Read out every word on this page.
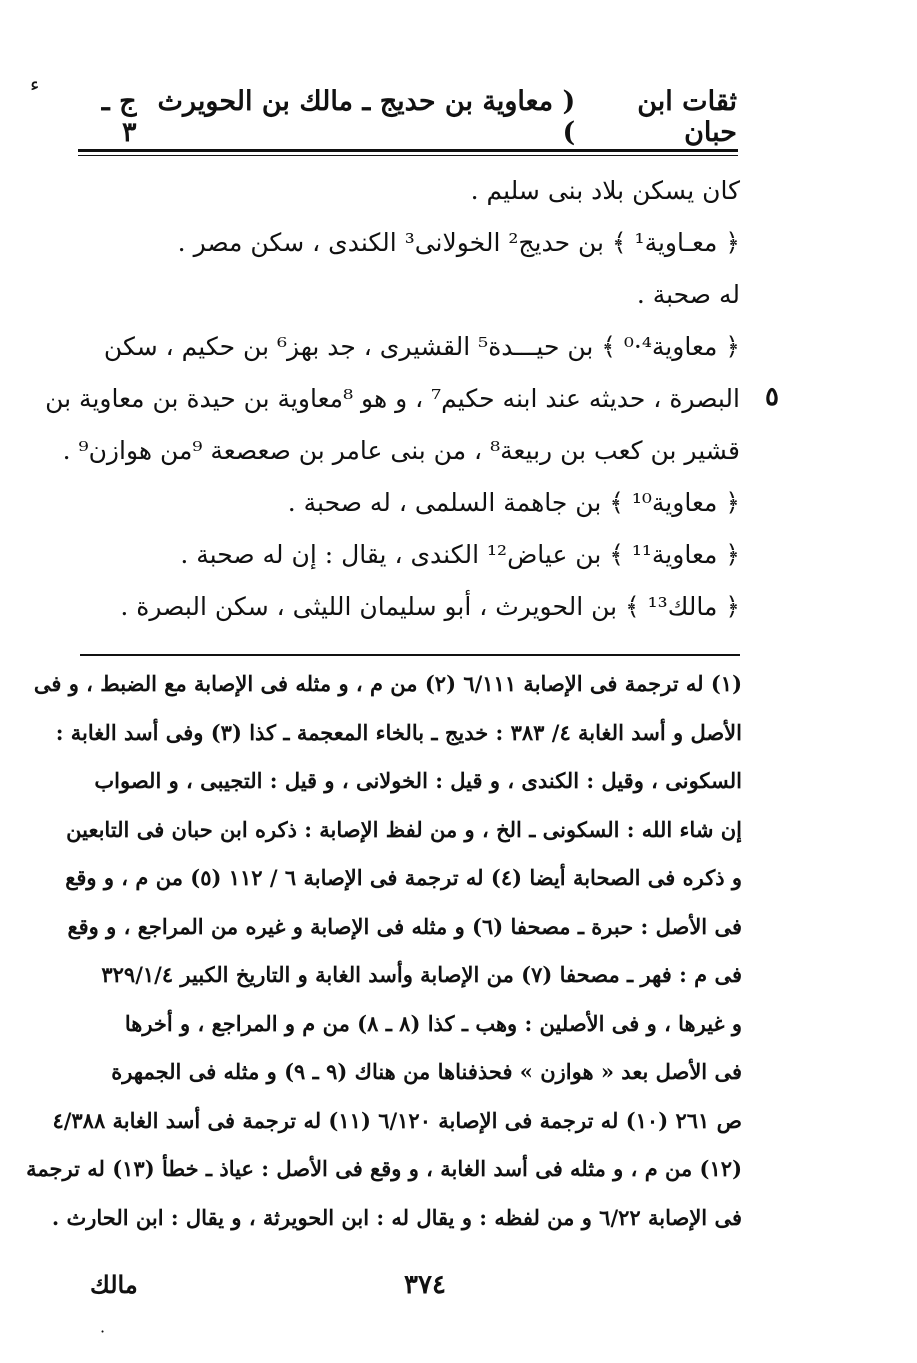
ء
ثقات ابن حبان
( معاوية بن حديج ـ مالك بن الحويرث )
ج ـ ٣
كان يسكن بلاد بنى سليم .
﴿ معـاوية¹ ﴾ بن حديج² الخولانى³ الكندى ، سكن مصر .
له صحبة .
﴿ معاوية⁴·⁰ ﴾ بن حيـــدة⁵ القشيرى ، جد بهز⁶ بن حكيم ، سكن
البصرة ، حديثه عند ابنه حكيم⁷ ، و هو ⁸معاوية بن حيدة بن معاوية بن
قشير بن كعب بن ربيعة⁸ ، من بنى عامر بن صعصعة ⁹من هوازن⁹ .
﴿ معاوية¹⁰ ﴾ بن جاهمة السلمى ، له صحبة .
﴿ معاوية¹¹ ﴾ بن عياض¹² الكندى ، يقال : إن له صحبة .
﴿ مالك¹³ ﴾ بن الحويرث ، أبو سليمان الليثى ، سكن البصرة .
٥
(١) له ترجمة فى الإصابة ٦/١١١ (٢) من م ، و مثله فى الإصابة مع الضبط ، و فى
الأصل و أسد الغابة ٤/ ٣٨٣ : خديج ـ بالخاء المعجمة ـ كذا (٣) وفى أسد الغابة :
السكونى ، وقيل : الكندى ، و قيل : الخولانى ، و قيل : التجيبى ، و الصواب
إن شاء الله : السكونى ـ الخ ، و من لفظ الإصابة : ذكره ابن حبان فى التابعين
و ذكره فى الصحابة أيضا (٤) له ترجمة فى الإصابة ٦ / ١١٢ (٥) من م ، و وقع
فى الأصل : حبرة ـ مصحفا (٦) و مثله فى الإصابة و غيره من المراجع ، و وقع
فى م : فهر ـ مصحفا (٧) من الإصابة وأسد الغابة و التاريخ الكبير ٣٢٩/١/٤
و غيرها ، و فى الأصلين : وهب ـ كذا (٨ ـ ٨) من م و المراجع ، و أخرها
فى الأصل بعد « هوازن » فحذفناها من هناك (٩ ـ ٩) و مثله فى الجمهرة
ص ٢٦١ (١٠) له ترجمة فى الإصابة ٦/١٢٠ (١١) له ترجمة فى أسد الغابة ٤/٣٨٨
(١٢) من م ، و مثله فى أسد الغابة ، و وقع فى الأصل : عياذ ـ خطأ (١٣) له ترجمة
فى الإصابة ٦/٢٢ و من لفظه : و يقال له : ابن الحويرثة ، و يقال : ابن الحارث .
مالك	٣٧٤
·
